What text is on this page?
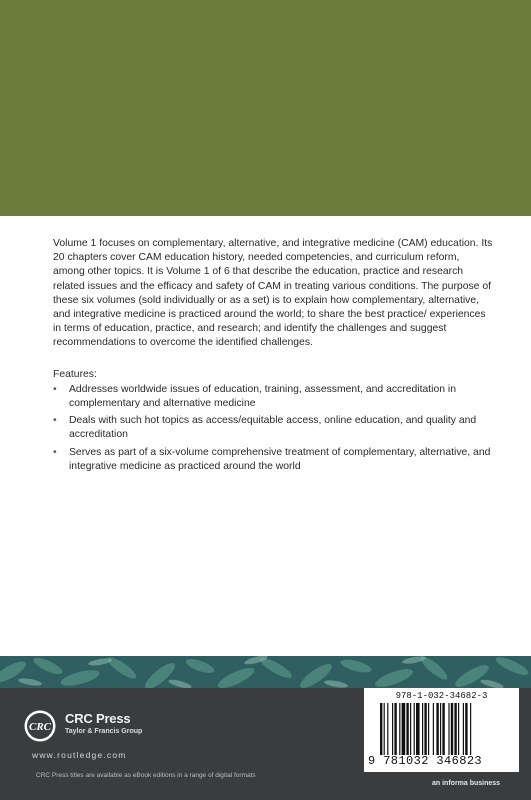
Volume 1 focuses on complementary, alternative, and integrative medicine (CAM) education. Its 20 chapters cover CAM education history, needed competencies, and curriculum reform, among other topics. It is Volume 1 of 6 that describe the education, practice and research related issues and the efficacy and safety of CAM in treating various conditions. The purpose of these six volumes (sold individually or as a set) is to explain how complementary, alternative, and integrative medicine is practiced around the world; to share the best practice/ experiences in terms of education, practice, and research; and identify the challenges and suggest recommendations to overcome the identified challenges.

Features:

• Addresses worldwide issues of education, training, assessment, and accreditation in complementary and alternative medicine
• Deals with such hot topics as access/equitable access, online education, and quality and accreditation
• Serves as part of a six-volume comprehensive treatment of complementary, alternative, and integrative medicine as practiced around the world
CRC
CRC Press
Taylor & Francis Group
www.routledge.com
CRC Press titles are available as eBook editions in a range of digital formats
978-1-032-34682-3
9 781032 346823
an informa business
